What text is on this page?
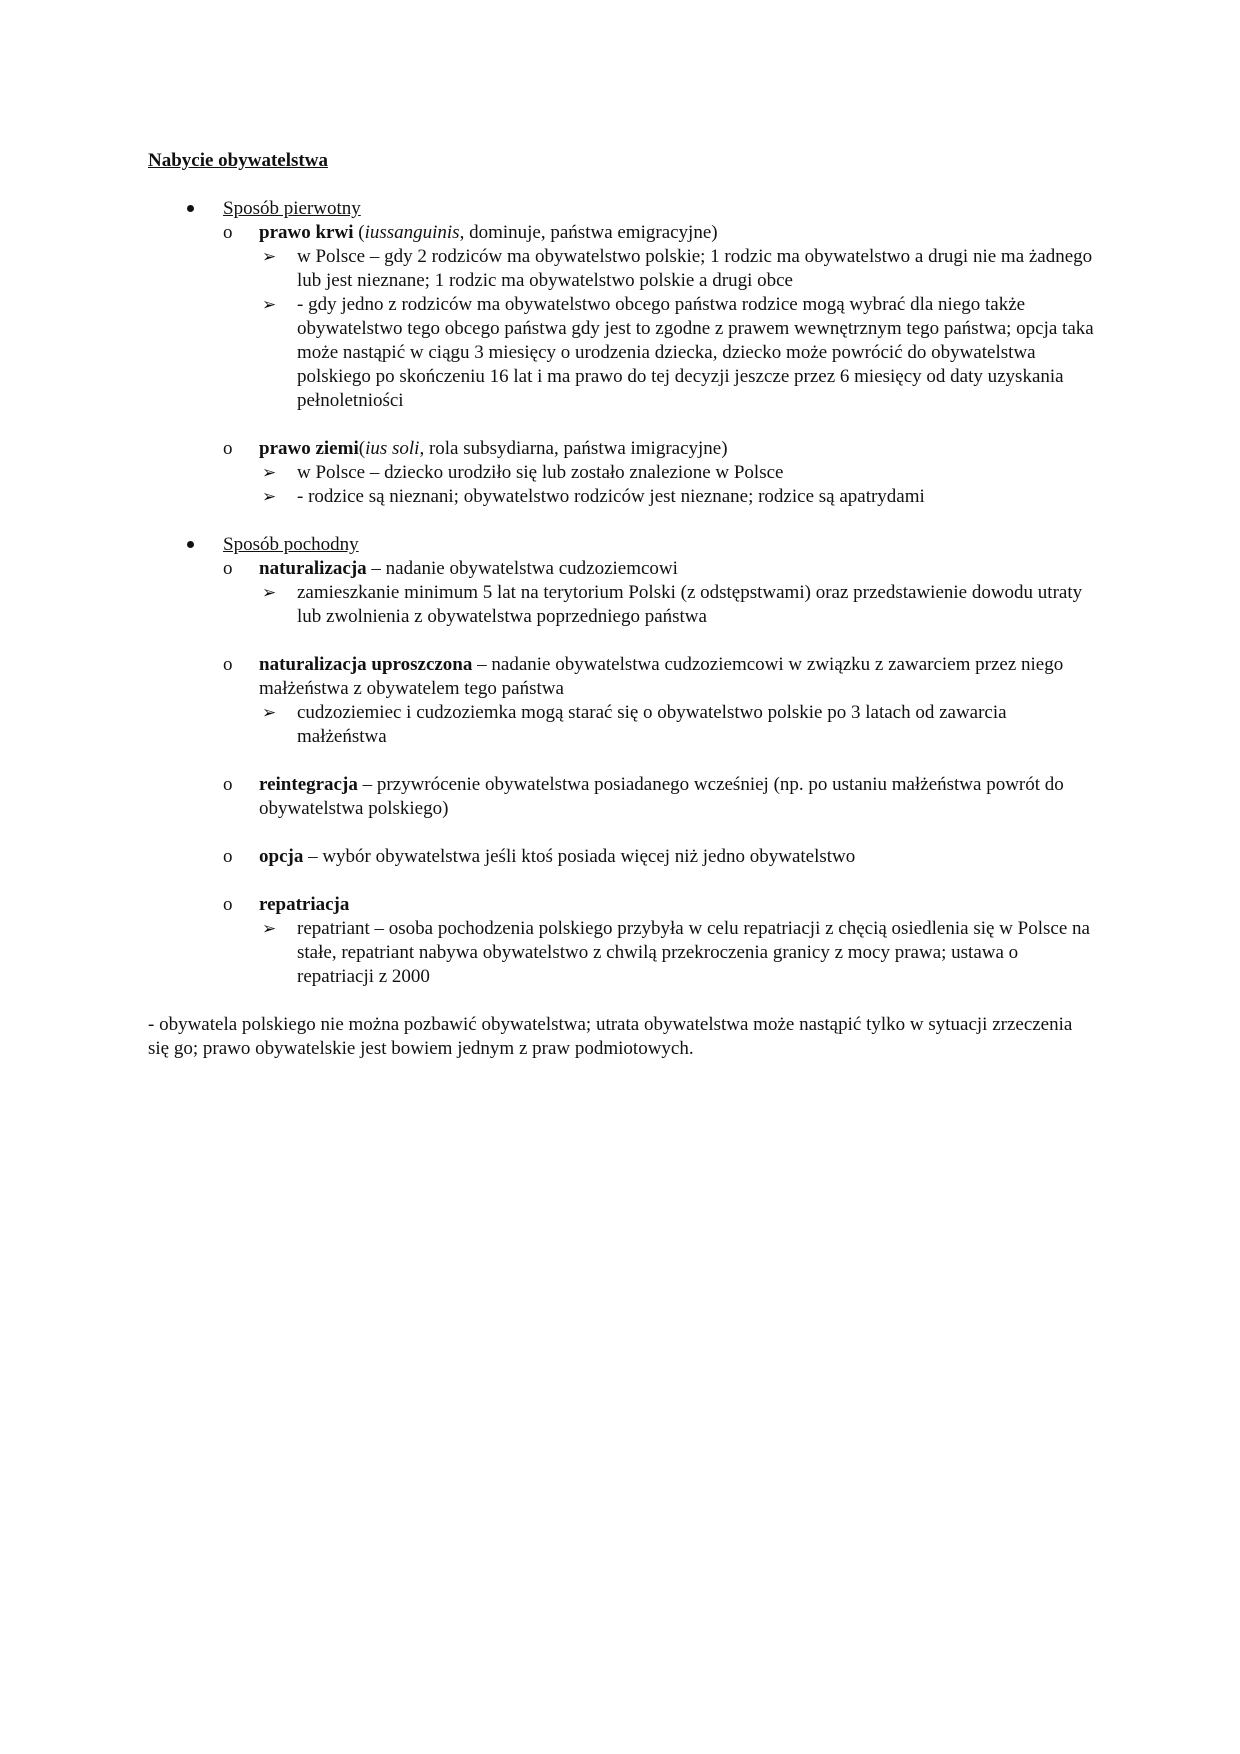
Nabycie obywatelstwa
Sposób pierwotny
o prawo krwi (iussanguinis, dominuje, państwa emigracyjne)
➢ w Polsce – gdy 2 rodziców ma obywatelstwo polskie; 1 rodzic ma obywatelstwo a drugi nie ma żadnego lub jest nieznane; 1 rodzic ma obywatelstwo polskie a drugi obce
➢ - gdy jedno z rodziców ma obywatelstwo obcego państwa rodzice mogą wybrać dla niego także obywatelstwo tego obcego państwa gdy jest to zgodne z prawem wewnętrznym tego państwa; opcja taka może nastąpić w ciągu 3 miesięcy o urodzenia dziecka, dziecko może powrócić do obywatelstwa polskiego po skończeniu 16 lat i ma prawo do tej decyzji jeszcze przez 6 miesięcy od daty uzyskania pełnoletniości
o prawo ziemi(ius soli, rola subsydiarna, państwa imigracyjne)
➢ w Polsce – dziecko urodziło się lub zostało znalezione w Polsce
➢ - rodzice są nieznani; obywatelstwo rodziców jest nieznane; rodzice są apatrydami
Sposób pochodny
o naturalizacja – nadanie obywatelstwa cudzoziemcowi
➢ zamieszkanie minimum 5 lat na terytorium Polski (z odstępstwami) oraz przedstawienie dowodu utraty lub zwolnienia z obywatelstwa poprzedniego państwa
o naturalizacja uproszczona – nadanie obywatelstwa cudzoziemcowi w związku z zawarciem przez niego małżeństwa z obywatelem tego państwa
➢ cudzoziemiec i cudzoziemka mogą starać się o obywatelstwo polskie po 3 latach od zawarcia małżeństwa
o reintegracja – przywrócenie obywatelstwa posiadanego wcześniej (np. po ustaniu małżeństwa powrót do obywatelstwa polskiego)
o opcja – wybór obywatelstwa jeśli ktoś posiada więcej niż jedno obywatelstwo
o repatriacja
➢ repatriant – osoba pochodzenia polskiego przybyła w celu repatriacji z chęcią osiedlenia się w Polsce na stałe, repatriant nabywa obywatelstwo z chwilą przekroczenia granicy z mocy prawa; ustawa o repatriacji z 2000
- obywatela polskiego nie można pozbawić obywatelstwa; utrata obywatelstwa może nastąpić tylko w sytuacji zrzeczenia się go; prawo obywatelskie jest bowiem jednym z praw podmiotowych.
